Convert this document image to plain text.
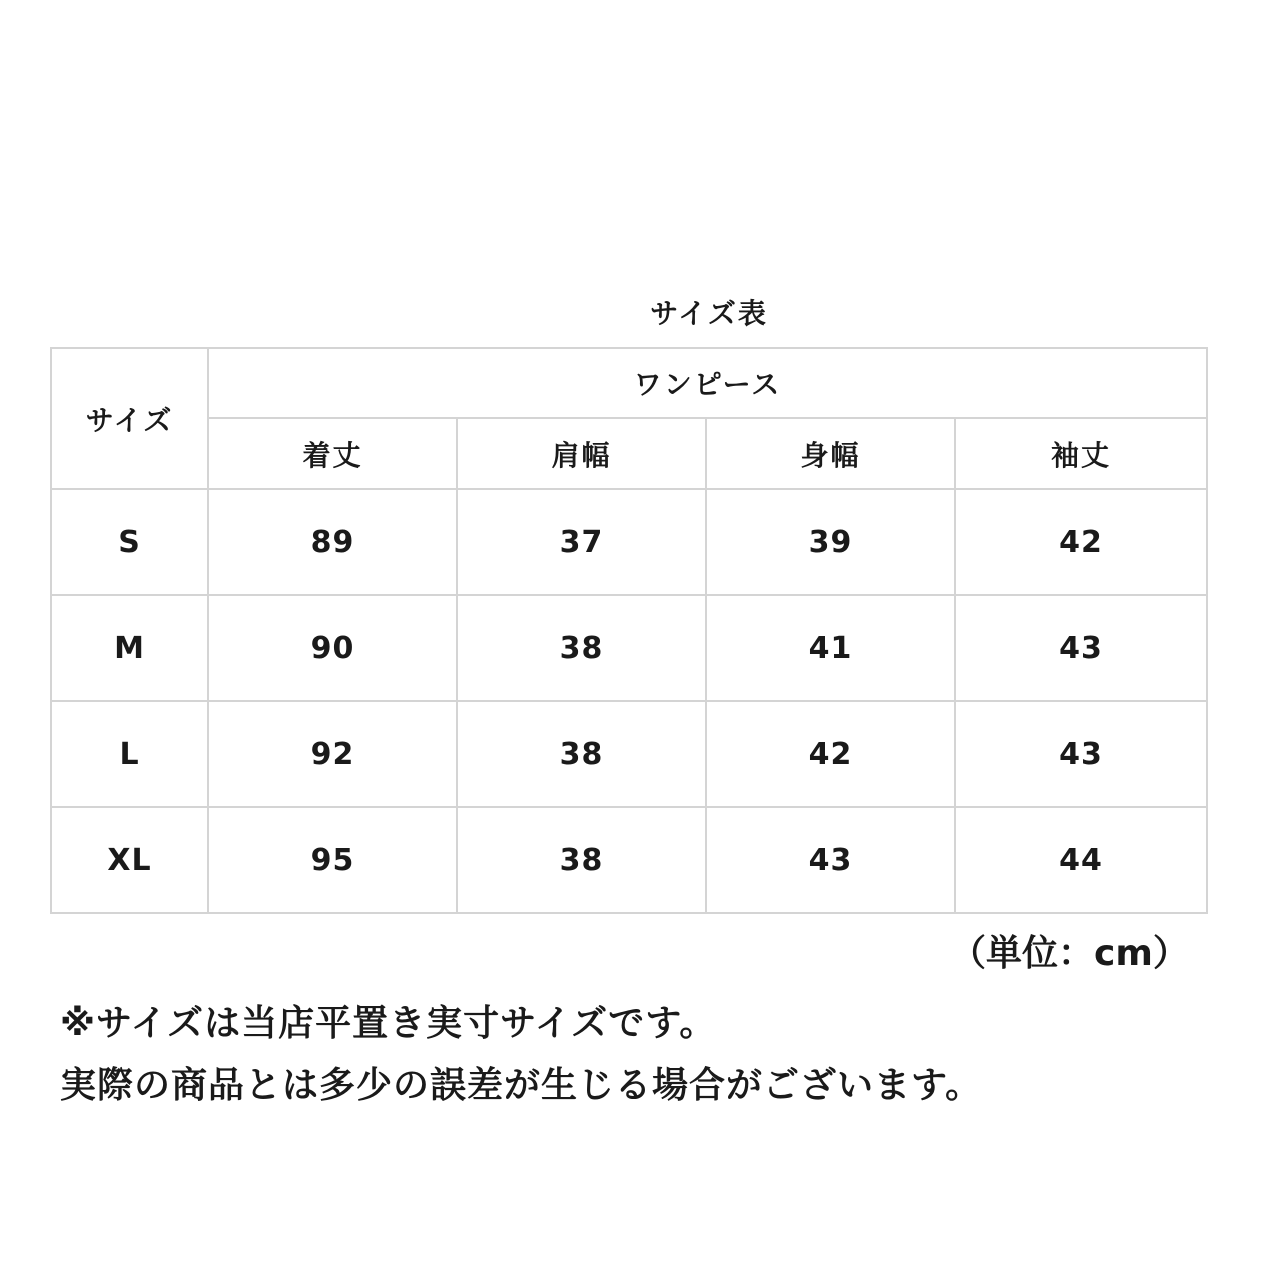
サイズ表
サイズ	ワンピース			
	着丈	肩幅	身幅	袖丈
S	89	37	39	42
M	90	38	41	43
L	92	38	42	43
XL	95	38	43	44
（単位：cm）
※サイズは当店平置き実寸サイズです。
実際の商品とは多少の誤差が生じる場合がございます。
